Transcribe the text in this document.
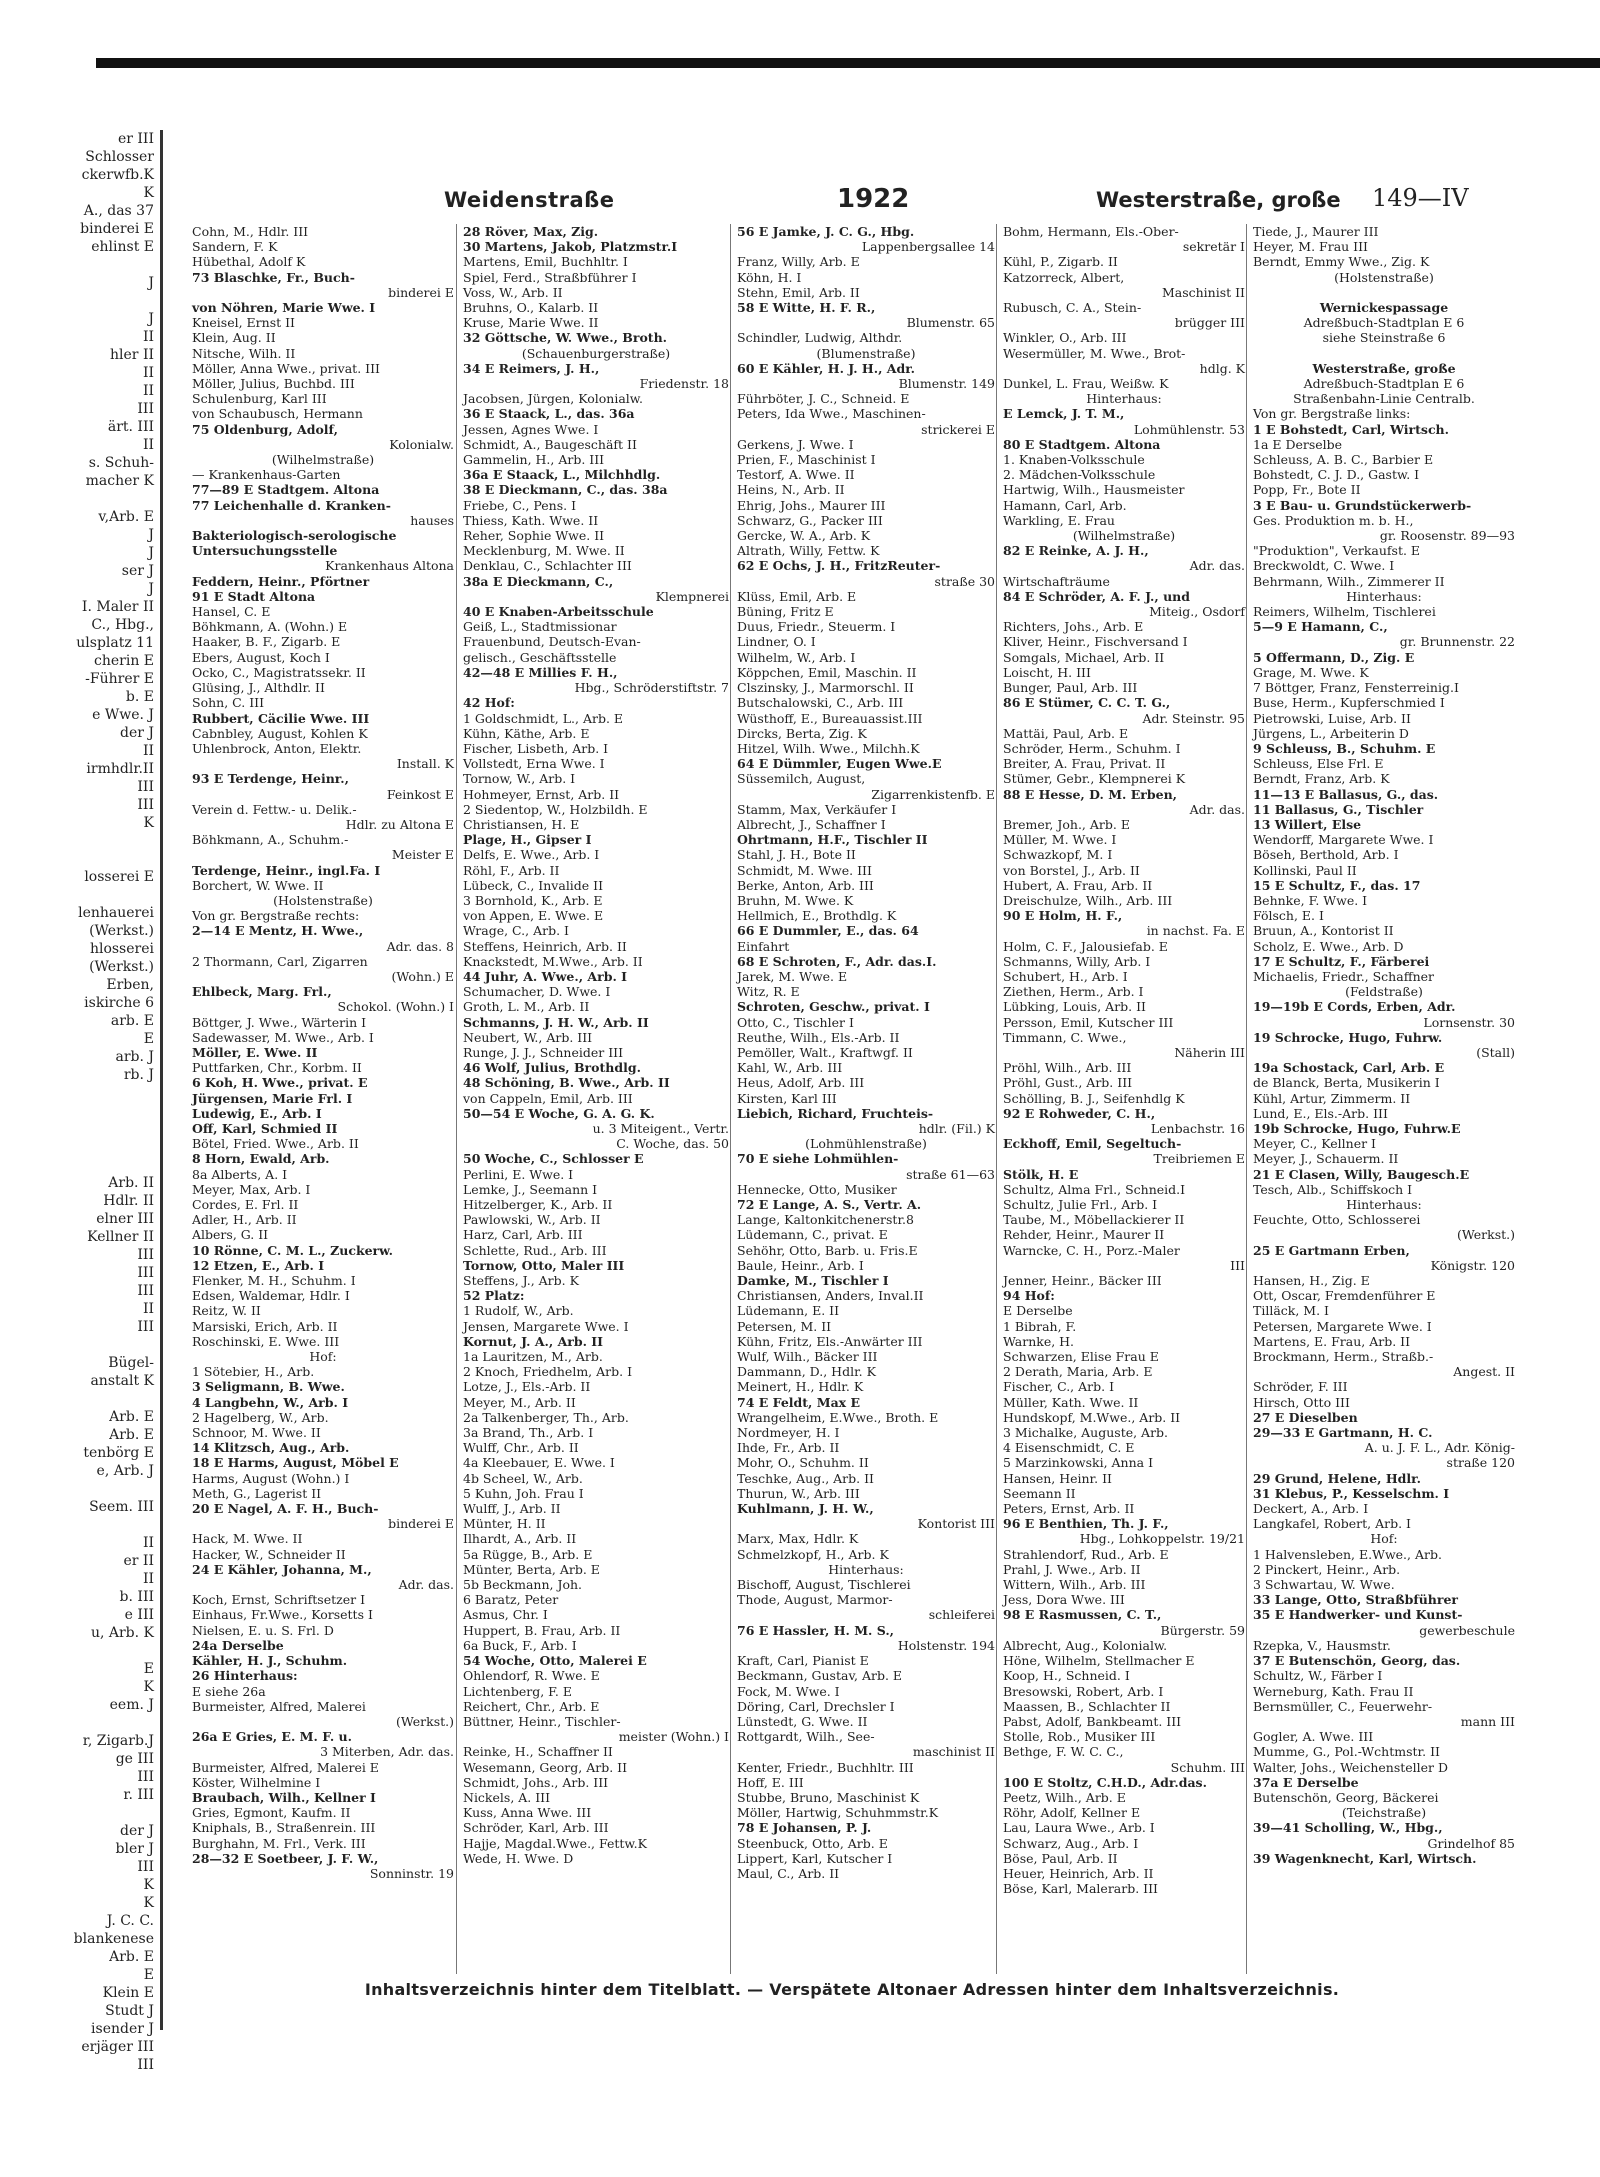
er III
Schlosser
ckerwfb.K
K
A., das 37
binderei E
ehlinst E

J

J
II
hler II
II
II
III
ärt. III
II
s. Schuh-
macher K

v,Arb. E
J
J
ser J
J
I. Maler II
C., Hbg.,
ulsplatz 11
cherin E
-Führer E
b. E
e Wwe. J
der J
II
irmhdlr.II
III
III
K

losserei E

lenhauerei
(Werkst.)
hlosserei
(Werkst.)
Erben,
iskirche 6
arb. E
E
arb. J
rb. J

Arb. II
Hdlr. II
elner III
Kellner II
III
III
III
II
III

Bügel-
anstalt K

Arb. E
Arb. E
tenbörg E
e, Arb. J

Seem. III

II
er II
II
b. III
e III
u, Arb. K

E
K
eem. J

r, Zigarb.J
ge III
III
r. III

der J
bler J
III
K
K
J. C. C.
blankenese
Arb. E
E
Klein E
Studt J
isender J
erjäger III
III
Weidenstraße	1922	Westerstraße, große 149—IV
Cohn, M., Hdlr. III
Sandern, F. K
Hübethal, Adolf K
73 Blaschke, Fr., Buch-
binderei E
von Nöhren, Marie Wwe. I
Kneisel, Ernst II
Klein, Aug. II
Nitsche, Wilh. II
Möller, Anna Wwe., privat. III
Möller, Julius, Buchbd. III
Schulenburg, Karl III
von Schaubusch, Hermann
75 Oldenburg, Adolf,
Kolonialw.
(Wilhelmstraße)
— Krankenhaus-Garten
77—89 E Stadtgem. Altona
77 Leichenhalle d. Kranken-
hauses
Bakteriologisch-serologische
Untersuchungsstelle
Krankenhaus Altona
Feddern, Heinr., Pförtner
91 E Stadt Altona
Hansel, C. E
Böhkmann, A. (Wohn.) E
Haaker, B. F., Zigarb. E
Ebers, August, Koch I
Ocko, C., Magistratssekr. II
Glüsing, J., Althdlr. II
Sohn, C. III
Rubbert, Cäcilie Wwe. III
Cabnbley, August, Kohlen K
Uhlenbrock, Anton, Elektr.
Install. K
93 E Terdenge, Heinr.,
Feinkost E
Verein d. Fettw.- u. Delik.-
Hdlr. zu Altona E
Böhkmann, A., Schuhm.-
Meister E
Terdenge, Heinr., ingl.Fa. I
Borchert, W. Wwe. II
(Holstenstraße)
Von gr. Bergstraße rechts:
2—14 E Mentz, H. Wwe.,
Adr. das. 8
2 Thormann, Carl, Zigarren
(Wohn.) E
Ehlbeck, Marg. Frl.,
Schokol. (Wohn.) I
Böttger, J. Wwe., Wärterin I
Sadewasser, M. Wwe., Arb. I
Möller, E. Wwe. II
Puttfarken, Chr., Korbm. II
6 Koh, H. Wwe., privat. E
Jürgensen, Marie Frl. I
Ludewig, E., Arb. I
Off, Karl, Schmied II
Bötel, Fried. Wwe., Arb. II
8 Horn, Ewald, Arb.
8a Alberts, A. I
Meyer, Max, Arb. I
Cordes, E. Frl. II
Adler, H., Arb. II
Albers, G. II
10 Rönne, C. M. L., Zuckerw.
12 Etzen, E., Arb. I
Flenker, M. H., Schuhm. I
Edsen, Waldemar, Hdlr. I
Reitz, W. II
Marsiski, Erich, Arb. II
Roschinski, E. Wwe. III
Hof:
1 Sötebier, H., Arb.
3 Seligmann, B. Wwe.
4 Langbehn, W., Arb. I
2 Hagelberg, W., Arb.
Schnoor, M. Wwe. II
14 Klitzsch, Aug., Arb.
18 E Harms, August, Möbel E
Harms, August (Wohn.) I
Meth, G., Lagerist II
20 E Nagel, A. F. H., Buch-
binderei E
Hack, M. Wwe. II
Hacker, W., Schneider II
24 E Kähler, Johanna, M.,
Adr. das.
Koch, Ernst, Schriftsetzer I
Einhaus, Fr.Wwe., Korsetts I
Nielsen, E. u. S. Frl. D
24a Derselbe
Kähler, H. J., Schuhm.
26 Hinterhaus:
E siehe 26a
Burmeister, Alfred, Malerei
(Werkst.)
26a E Gries, E. M. F. u.
3 Miterben, Adr. das.
Burmeister, Alfred, Malerei E
Köster, Wilhelmine I
Braubach, Wilh., Kellner I
Gries, Egmont, Kaufm. II
Kniphals, B., Straßenrein. III
Burghahn, M. Frl., Verk. III
28—32 E Soetbeer, J. F. W.,
Sonninstr. 19
28 Röver, Max, Zig.
30 Martens, Jakob, Platzmstr.I
Martens, Emil, Buchhltr. I
Spiel, Ferd., Straßbführer I
Voss, W., Arb. II
Bruhns, O., Kalarb. II
Kruse, Marie Wwe. II
32 Göttsche, W. Wwe., Broth.
(Schauenburgerstraße)
34 E Reimers, J. H.,
Friedenstr. 18
Jacobsen, Jürgen, Kolonialw.
36 E Staack, L., das. 36a
Jessen, Agnes Wwe. I
Schmidt, A., Baugeschäft II
Gammelin, H., Arb. III
36a E Staack, L., Milchhdlg.
38 E Dieckmann, C., das. 38a
Friebe, C., Pens. I
Thiess, Kath. Wwe. II
Reher, Sophie Wwe. II
Mecklenburg, M. Wwe. II
Denklau, C., Schlachter III
38a E Dieckmann, C.,
Klempnerei
40 E Knaben-Arbeitsschule
Geiß, L., Stadtmissionar
Frauenbund, Deutsch-Evan-
gelisch., Geschäftsstelle
42—48 E Millies F. H.,
Hbg., Schröderstiftstr. 7
42 Hof:
1 Goldschmidt, L., Arb. E
Kühn, Käthe, Arb. E
Fischer, Lisbeth, Arb. I
Vollstedt, Erna Wwe. I
Tornow, W., Arb. I
Hohmeyer, Ernst, Arb. II
2 Siedentop, W., Holzbildh. E
Christiansen, H. E
Plage, H., Gipser I
Delfs, E. Wwe., Arb. I
Röhl, F., Arb. II
Lübeck, C., Invalide II
3 Bornhold, K., Arb. E
von Appen, E. Wwe. E
Wrage, C., Arb. I
Steffens, Heinrich, Arb. II
Knackstedt, M.Wwe., Arb. II
44 Juhr, A. Wwe., Arb. I
Schumacher, D. Wwe. I
Groth, L. M., Arb. II
Schmanns, J. H. W., Arb. II
Neubert, W., Arb. III
Runge, J. J., Schneider III
46 Wolf, Julius, Brothdlg.
48 Schöning, B. Wwe., Arb. II
von Cappeln, Emil, Arb. III
50—54 E Woche, G. A. G. K.
u. 3 Miteigent., Vertr.
C. Woche, das. 50
50 Woche, C., Schlosser E
Perlini, E. Wwe. I
Lemke, J., Seemann I
Hitzelberger, K., Arb. II
Pawlowski, W., Arb. II
Harz, Carl, Arb. III
Schlette, Rud., Arb. III
Tornow, Otto, Maler III
Steffens, J., Arb. K
52 Platz:
1 Rudolf, W., Arb.
Jensen, Margarete Wwe. I
Kornut, J. A., Arb. II
1a Lauritzen, M., Arb.
2 Knoch, Friedhelm, Arb. I
Lotze, J., Els.-Arb. II
Meyer, M., Arb. II
2a Talkenberger, Th., Arb.
3a Brand, Th., Arb. I
Wulff, Chr., Arb. II
4a Kleebauer, E. Wwe. I
4b Scheel, W., Arb.
5 Kuhn, Joh. Frau I
Wulff, J., Arb. II
Münter, H. II
Ilhardt, A., Arb. II
5a Rügge, B., Arb. E
Münter, Berta, Arb. E
5b Beckmann, Joh.
6 Baratz, Peter
Asmus, Chr. I
Huppert, B. Frau, Arb. II
6a Buck, F., Arb. I
54 Woche, Otto, Malerei E
Ohlendorf, R. Wwe. E
Lichtenberg, F. E
Reichert, Chr., Arb. E
Büttner, Heinr., Tischler-
meister (Wohn.) I
Reinke, H., Schaffner II
Wesemann, Georg, Arb. II
Schmidt, Johs., Arb. III
Nickels, A. III
Kuss, Anna Wwe. III
Schröder, Karl, Arb. III
Hajje, Magdal.Wwe., Fettw.K
Wede, H. Wwe. D
56 E Jamke, J. C. G., Hbg.
Lappenbergsallee 14
Franz, Willy, Arb. E
Köhn, H. I
Stehn, Emil, Arb. II
58 E Witte, H. F. R.,
Blumenstr. 65
Schindler, Ludwig, Althdr.
(Blumenstraße)
60 E Kähler, H. J. H., Adr.
Blumenstr. 149
Führböter, J. C., Schneid. E
Peters, Ida Wwe., Maschinen-
strickerei E
Gerkens, J. Wwe. I
Prien, F., Maschinist I
Testorf, A. Wwe. II
Heins, N., Arb. II
Ehrig, Johs., Maurer III
Schwarz, G., Packer III
Gercke, W. A., Arb. K
Altrath, Willy, Fettw. K
62 E Ochs, J. H., FritzReuter-
straße 30
Klüss, Emil, Arb. E
Büning, Fritz E
Duus, Friedr., Steuerm. I
Lindner, O. I
Wilhelm, W., Arb. I
Köppchen, Emil, Maschin. II
Clszinsky, J., Marmorschl. II
Butschalowski, C., Arb. III
Wüsthoff, E., Bureauassist.III
Dircks, Berta, Zig. K
Hitzel, Wilh. Wwe., Milchh.K
64 E Dümmler, Eugen Wwe.E
Süssemilch, August,
Zigarrenkistenfb. E
Stamm, Max, Verkäufer I
Albrecht, J., Schaffner I
Ohrtmann, H.F., Tischler II
Stahl, J. H., Bote II
Schmidt, M. Wwe. III
Berke, Anton, Arb. III
Bruhn, M. Wwe. K
Hellmich, E., Brothdlg. K
66 E Dummler, E., das. 64
Einfahrt
68 E Schroten, F., Adr. das.I.
Jarek, M. Wwe. E
Witz, R. E
Schroten, Geschw., privat. I
Otto, C., Tischler I
Reuthe, Wilh., Els.-Arb. II
Pemöller, Walt., Kraftwgf. II
Kahl, W., Arb. III
Heus, Adolf, Arb. III
Kirsten, Karl III
Liebich, Richard, Fruchteis-
hdlr. (Fil.) K
(Lohmühlenstraße)
70 E siehe Lohmühlen-
straße 61—63
Hennecke, Otto, Musiker
72 E Lange, A. S., Vertr. A.
Lange, Kaltonkitchenerstr.8
Lüdemann, C., privat. E
Sehöhr, Otto, Barb. u. Fris.E
Baule, Heinr., Arb. I
Damke, M., Tischler I
Christiansen, Anders, Inval.II
Lüdemann, E. II
Petersen, M. II
Kühn, Fritz, Els.-Anwärter III
Wulf, Wilh., Bäcker III
Dammann, D., Hdlr. K
Meinert, H., Hdlr. K
74 E Feldt, Max E
Wrangelheim, E.Wwe., Broth. E
Nordmeyer, H. I
Ihde, Fr., Arb. II
Mohr, O., Schuhm. II
Teschke, Aug., Arb. II
Thurun, W., Arb. III
Kuhlmann, J. H. W.,
Kontorist III
Marx, Max, Hdlr. K
Schmelzkopf, H., Arb. K
Hinterhaus:
Bischoff, August, Tischlerei
Thode, August, Marmor-
schleiferei
76 E Hassler, H. M. S.,
Holstenstr. 194
Kraft, Carl, Pianist E
Beckmann, Gustav, Arb. E
Fock, M. Wwe. I
Döring, Carl, Drechsler I
Lünstedt, G. Wwe. II
Rottgardt, Wilh., See-
maschinist II
Kenter, Friedr., Buchhltr. III
Hoff, E. III
Stubbe, Bruno, Maschinist K
Möller, Hartwig, Schuhmmstr.K
78 E Johansen, P. J.
Steenbuck, Otto, Arb. E
Lippert, Karl, Kutscher I
Maul, C., Arb. II
Bohm, Hermann, Els.-Ober-
sekretär I
Kühl, P., Zigarb. II
Katzorreck, Albert,
Maschinist II
Rubusch, C. A., Stein-
brügger III
Winkler, O., Arb. III
Wesermüller, M. Wwe., Brot-
hdlg. K
Dunkel, L. Frau, Weißw. K
Hinterhaus:
E Lemck, J. T. M.,
Lohmühlenstr. 53
80 E Stadtgem. Altona
1. Knaben-Volksschule
2. Mädchen-Volksschule
Hartwig, Wilh., Hausmeister
Hamann, Carl, Arb.
Warkling, E. Frau
(Wilhelmstraße)
82 E Reinke, A. J. H.,
Adr. das.
Wirtschafträume
84 E Schröder, A. F. J., und
Miteig., Osdorf
Richters, Johs., Arb. E
Kliver, Heinr., Fischversand I
Somgals, Michael, Arb. II
Loischt, H. III
Bunger, Paul, Arb. III
86 E Stümer, C. C. T. G.,
Adr. Steinstr. 95
Mattäi, Paul, Arb. E
Schröder, Herm., Schuhm. I
Breiter, A. Frau, Privat. II
Stümer, Gebr., Klempnerei K
88 E Hesse, D. M. Erben,
Adr. das.
Bremer, Joh., Arb. E
Müller, M. Wwe. I
Schwazkopf, M. I
von Borstel, J., Arb. II
Hubert, A. Frau, Arb. II
Dreischulze, Wilh., Arb. III
90 E Holm, H. F.,
in nachst. Fa. E
Holm, C. F., Jalousiefab. E
Schmanns, Willy, Arb. I
Schubert, H., Arb. I
Ziethen, Herm., Arb. I
Lübking, Louis, Arb. II
Persson, Emil, Kutscher III
Timmann, C. Wwe.,
Näherin III
Pröhl, Wilh., Arb. III
Pröhl, Gust., Arb. III
Schölling, B. J., Seifenhdlg K
92 E Rohweder, C. H.,
Lenbachstr. 16
Eckhoff, Emil, Segeltuch-
Treibriemen E
Stölk, H. E
Schultz, Alma Frl., Schneid.I
Schultz, Julie Frl., Arb. I
Taube, M., Möbellackierer II
Rehder, Heinr., Maurer II
Warncke, C. H., Porz.-Maler
III
Jenner, Heinr., Bäcker III
94 Hof:
E Derselbe
1 Bibrah, F.
Warnke, H.
Schwarzen, Elise Frau E
2 Derath, Maria, Arb. E
Fischer, C., Arb. I
Müller, Kath. Wwe. II
Hundskopf, M.Wwe., Arb. II
3 Michalke, Auguste, Arb.
4 Eisenschmidt, C. E
5 Marzinkowski, Anna I
Hansen, Heinr. II
Seemann II
Peters, Ernst, Arb. II
96 E Benthien, Th. J. F.,
Hbg., Lohkoppelstr. 19/21
Strahlendorf, Rud., Arb. E
Prahl, J. Wwe., Arb. II
Wittern, Wilh., Arb. III
Jess, Dora Wwe. III
98 E Rasmussen, C. T.,
Bürgerstr. 59
Albrecht, Aug., Kolonialw.
Höne, Wilhelm, Stellmacher E
Koop, H., Schneid. I
Bresowski, Robert, Arb. I
Maassen, B., Schlachter II
Pabst, Adolf, Bankbeamt. III
Stolle, Rob., Musiker III
Bethge, F. W. C. C.,
Schuhm. III
100 E Stoltz, C.H.D., Adr.das.
Peetz, Wilh., Arb. E
Röhr, Adolf, Kellner E
Lau, Laura Wwe., Arb. I
Schwarz, Aug., Arb. I
Böse, Paul, Arb. II
Heuer, Heinrich, Arb. II
Böse, Karl, Malerarb. III
Tiede, J., Maurer III
Heyer, M. Frau III
Berndt, Emmy Wwe., Zig. K
(Holstenstraße)

Wernickespassage
Adreßbuch-Stadtplan E 6
siehe Steinstraße 6

Westerstraße, große
Adreßbuch-Stadtplan E 6
Straßenbahn-Linie Centralb.
Von gr. Bergstraße links:
1 E Bohstedt, Carl, Wirtsch.
1a E Derselbe
Schleuss, A. B. C., Barbier E
Bohstedt, C. J. D., Gastw. I
Popp, Fr., Bote II
3 E Bau- u. Grundstückerwerb-
Ges. Produktion m. b. H.,
gr. Roosenstr. 89—93
"Produktion", Verkaufst. E
Breckwoldt, C. Wwe. I
Behrmann, Wilh., Zimmerer II
Hinterhaus:
Reimers, Wilhelm, Tischlerei
5—9 E Hamann, C.,
gr. Brunnenstr. 22
5 Offermann, D., Zig. E
Grage, M. Wwe. K
7 Böttger, Franz, Fensterreinig.I
Buse, Herm., Kupferschmied I
Pietrowski, Luise, Arb. II
Jürgens, L., Arbeiterin D
9 Schleuss, B., Schuhm. E
Schleuss, Else Frl. E
Berndt, Franz, Arb. K
11—13 E Ballasus, G., das.
11 Ballasus, G., Tischler
13 Willert, Else
Wendorff, Margarete Wwe. I
Böseh, Berthold, Arb. I
Kollinski, Paul II
15 E Schultz, F., das. 17
Behnke, F. Wwe. I
Fölsch, E. I
Bruun, A., Kontorist II
Scholz, E. Wwe., Arb. D
17 E Schultz, F., Färberei
Michaelis, Friedr., Schaffner
(Feldstraße)
19—19b E Cords, Erben, Adr.
Lornsenstr. 30
19 Schrocke, Hugo, Fuhrw.
(Stall)
19a Schostack, Carl, Arb. E
de Blanck, Berta, Musikerin I
Kühl, Artur, Zimmerm. II
Lund, E., Els.-Arb. III
19b Schrocke, Hugo, Fuhrw.E
Meyer, C., Kellner I
Meyer, J., Schauerm. II
21 E Clasen, Willy, Baugesch.E
Tesch, Alb., Schiffskoch I
Hinterhaus:
Feuchte, Otto, Schlosserei
(Werkst.)
25 E Gartmann Erben,
Königstr. 120
Hansen, H., Zig. E
Ott, Oscar, Fremdenführer E
Tilläck, M. I
Petersen, Margarete Wwe. I
Martens, E. Frau, Arb. II
Brockmann, Herm., Straßb.-
Angest. II
Schröder, F. III
Hirsch, Otto III
27 E Dieselben
29—33 E Gartmann, H. C.
A. u. J. F. L., Adr. König-
straße 120
29 Grund, Helene, Hdlr.
31 Klebus, P., Kesselschm. I
Deckert, A., Arb. I
Langkafel, Robert, Arb. I
Hof:
1 Halvensleben, E.Wwe., Arb.
2 Pinckert, Heinr., Arb.
3 Schwartau, W. Wwe.
33 Lange, Otto, Straßbführer
35 E Handwerker- und Kunst-
gewerbeschule
Rzepka, V., Hausmstr.
37 E Butenschön, Georg, das.
Schultz, W., Färber I
Werneburg, Kath. Frau II
Bernsmüller, C., Feuerwehr-
mann III
Gogler, A. Wwe. III
Mumme, G., Pol.-Wchtmstr. II
Walter, Johs., Weichensteller D
37a E Derselbe
Butenschön, Georg, Bäckerei
(Teichstraße)
39—41 Scholling, W., Hbg.,
Grindelhof 85
39 Wagenknecht, Karl, Wirtsch.
Inhaltsverzeichnis hinter dem Titelblatt. — Verspätete Altonaer Adressen hinter dem Inhaltsverzeichnis.
